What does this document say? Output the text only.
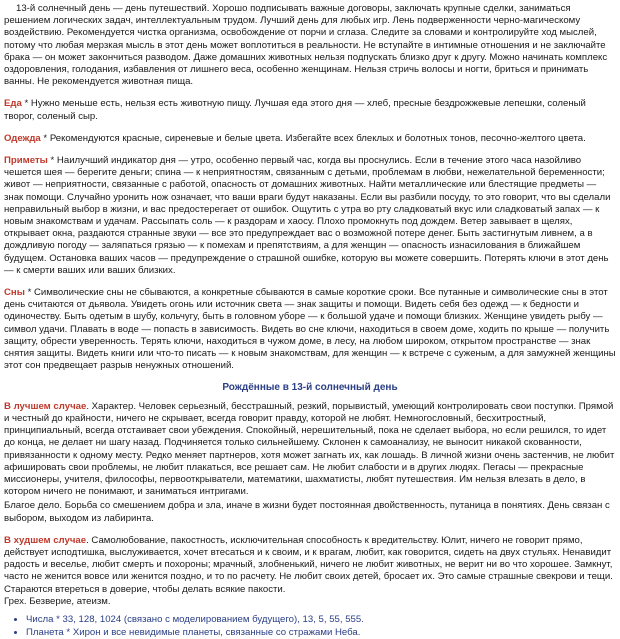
13-й солнечный день — день путешествий. Хорошо подписывать важные договоры, заключать крупные сделки, заниматься решением логических задач, интеллектуальным трудом. Лучший день для любых игр. Лень подверженности черно-магическому воздействию. Рекомендуется чистка организма, освобождение от порчи и сглаза. Следите за словами и контролируйте ход мыслей, потому что любая мерзкая мысль в этот день может воплотиться в реальности. Не вступайте в интимные отношения и не заключайте брака — он может закончиться разводом. Даже домашних животных нельзя подпускать близко друг к другу. Можно начинать комплекс оздоровления, голодания, избавления от лишнего веса, особенно женщинам. Нельзя стричь волосы и ногти, бриться и принимать ванны. Не рекомендуется животная пища.

Еда * Нужно меньше есть, нельзя есть животную пищу. Лучшая еда этого дня — хлеб, пресные бездрожжевые лепешки, соленый творог, соленый сыр.

Одежда * Рекомендуются красные, сиреневые и белые цвета. Избегайте всех блеклых и болотных тонов, песочно-желтого цвета.

Приметы * Наилучший индикатор дня — утро, особенно первый час, когда вы проснулись. Если в течение этого часа назойливо чешется шея — берегите деньги; спина — к неприятностям, связанным с детьми, проблемам в любви, нежелательной беременности; живот — неприятности, связанные с работой, опасность от домашних животных. Найти металлические или блестящие предметы — знак помощи. Случайно уронить нож означает, что ваши враги будут наказаны. Если вы разбили посуду, то это говорит, что вы сделали неправильный выбор в жизни, и вас предостерегает от ошибок. Ощутить с утра во рту сладковатый вкус или сладковатый запах — к новым знакомствам и удачам. Рассыпать соль — к раздорам и хаосу. Плохо промокнуть под дождем. Ветер завывает в щелях, открывает окна, раздаются странные звуки — все это предупреждает вас о возможной потере денег. Быть застигнутым ливнем, а в дождливую погоду — заляпаться грязью — к помехам и препятствиям, а для женщин — опасность изнасилования в ближайшем будущем. Остановка ваших часов — предупреждение о страшной ошибке, которую вы можете совершить. Потерять ключи в этот день — к смерти ваших или ваших близких.

Сны * Символические сны не сбываются, а конкретные сбываются в самые короткие сроки. Все путанные и символические сны в этот день считаются от дьявола. Увидеть огонь или источник света — знак защиты и помощи. Видеть себя без одежд — к бедности и одиночеству. Быть одетым в шубу, кольчугу, быть в головном уборе — к большой удаче и помощи близких. Женщине увидеть рыбу — символ удачи. Плавать в воде — попасть в зависимость. Видеть во сне ключи, находиться в своем доме, ходить по крыше — получить защиту, обрести уверенность. Терять ключи, находиться в чужом доме, в лесу, на любом широком, открытом пространстве — знак снятия защиты. Видеть книги или что-то писать — к новым знакомствам, для женщин — к встрече с суженым, а для замужней женщины этот сон предвещает разрыв ненужных отношений.

Рождённые в 13-й солнечный день

В лучшем случае. Характер. Человек серьезный, бесстрашный, резкий, порывистый, умеющий контролировать свои поступки. Прямой и честный до крайности, ничего не скрывает, всегда говорит правду, которой не любят. Немногословный, бесхитростный, принципиальный, всегда отстаивает свои убеждения. Спокойный, нерешительный, пока не сделает выбора, но если решился, то идет до конца, не делает ни шагу назад. Подчиняется только сильнейшему. Склонен к самоанализу, не выносит никакой скованности, привязанности к одному месту. Редко меняет партнеров, хотя может загнать их, как лошадь. В личной жизни очень застенчив, не любит афишировать свои проблемы, не любит плакаться, все решает сам. Не любит слабости и в других людях. Пегасы — прекрасные миссионеры, учителя, философы, первооткрыватели, математики, шахматисты, любят путешествия. Им нельзя влезать в дело, в котором ничего не понимают, и заниматься интригами.

Благое дело. Борьба со смешением добра и зла, иначе в жизни будет постоянная двойственность, путаница в понятиях. День связан с выбором, выходом из лабиринта.

В худшем случае. Самолюбование, пакостность, исключительная способность к вредительству. Юлит, ничего не говорит прямо, действует исподтишка, выслуживается, хочет втесаться и к своим, и к врагам, любит, как говорится, сидеть на двух стульях. Ненавидит радость и веселье, любит смерть и похороны; мрачный, злобненький, ничего не любит животных, не верит ни во что хорошее. Замкнут, часто не женится вовсе или женится поздно, и то по расчету. Не любит своих детей, бросает их. Это самые страшные свекрови и тещи. Стараются втереться в доверие, чтобы делать всякие пакости.

Грех. Безверие, атеизм.

• Числа * 33, 128, 1024 (связано с моделированием будущего), 13, 5, 55, 555.
• Планета * Хирон и все невидимые планеты, связанные со стражами Неба.
